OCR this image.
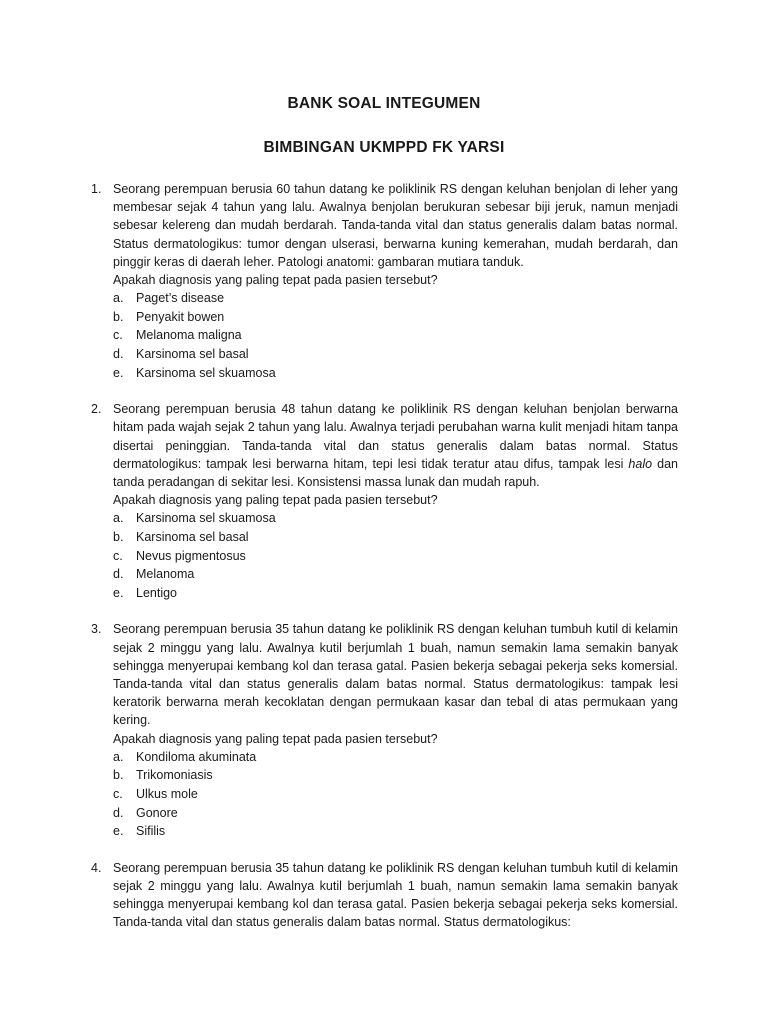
BANK SOAL INTEGUMEN
BIMBINGAN UKMPPD FK YARSI
1. Seorang perempuan berusia 60 tahun datang ke poliklinik RS dengan keluhan benjolan di leher yang membesar sejak 4 tahun yang lalu. Awalnya benjolan berukuran sebesar biji jeruk, namun menjadi sebesar kelereng dan mudah berdarah. Tanda-tanda vital dan status generalis dalam batas normal. Status dermatologikus: tumor dengan ulserasi, berwarna kuning kemerahan, mudah berdarah, dan pinggir keras di daerah leher. Patologi anatomi: gambaran mutiara tanduk.
Apakah diagnosis yang paling tepat pada pasien tersebut?
a. Paget’s disease
b. Penyakit bowen
c. Melanoma maligna
d. Karsinoma sel basal
e. Karsinoma sel skuamosa
2. Seorang perempuan berusia 48 tahun datang ke poliklinik RS dengan keluhan benjolan berwarna hitam pada wajah sejak 2 tahun yang lalu. Awalnya terjadi perubahan warna kulit menjadi hitam tanpa disertai peninggian. Tanda-tanda vital dan status generalis dalam batas normal. Status dermatologikus: tampak lesi berwarna hitam, tepi lesi tidak teratur atau difus, tampak lesi halo dan tanda peradangan di sekitar lesi. Konsistensi massa lunak dan mudah rapuh.
Apakah diagnosis yang paling tepat pada pasien tersebut?
a. Karsinoma sel skuamosa
b. Karsinoma sel basal
c. Nevus pigmentosus
d. Melanoma
e. Lentigo
3. Seorang perempuan berusia 35 tahun datang ke poliklinik RS dengan keluhan tumbuh kutil di kelamin sejak 2 minggu yang lalu. Awalnya kutil berjumlah 1 buah, namun semakin lama semakin banyak sehingga menyerupai kembang kol dan terasa gatal. Pasien bekerja sebagai pekerja seks komersial. Tanda-tanda vital dan status generalis dalam batas normal. Status dermatologikus: tampak lesi keratorik berwarna merah kecoklatan dengan permukaan kasar dan tebal di atas permukaan yang kering.
Apakah diagnosis yang paling tepat pada pasien tersebut?
a. Kondiloma akuminata
b. Trikomoniasis
c. Ulkus mole
d. Gonore
e. Sifilis
4. Seorang perempuan berusia 35 tahun datang ke poliklinik RS dengan keluhan tumbuh kutil di kelamin sejak 2 minggu yang lalu. Awalnya kutil berjumlah 1 buah, namun semakin lama semakin banyak sehingga menyerupai kembang kol dan terasa gatal. Pasien bekerja sebagai pekerja seks komersial. Tanda-tanda vital dan status generalis dalam batas normal. Status dermatologikus:
